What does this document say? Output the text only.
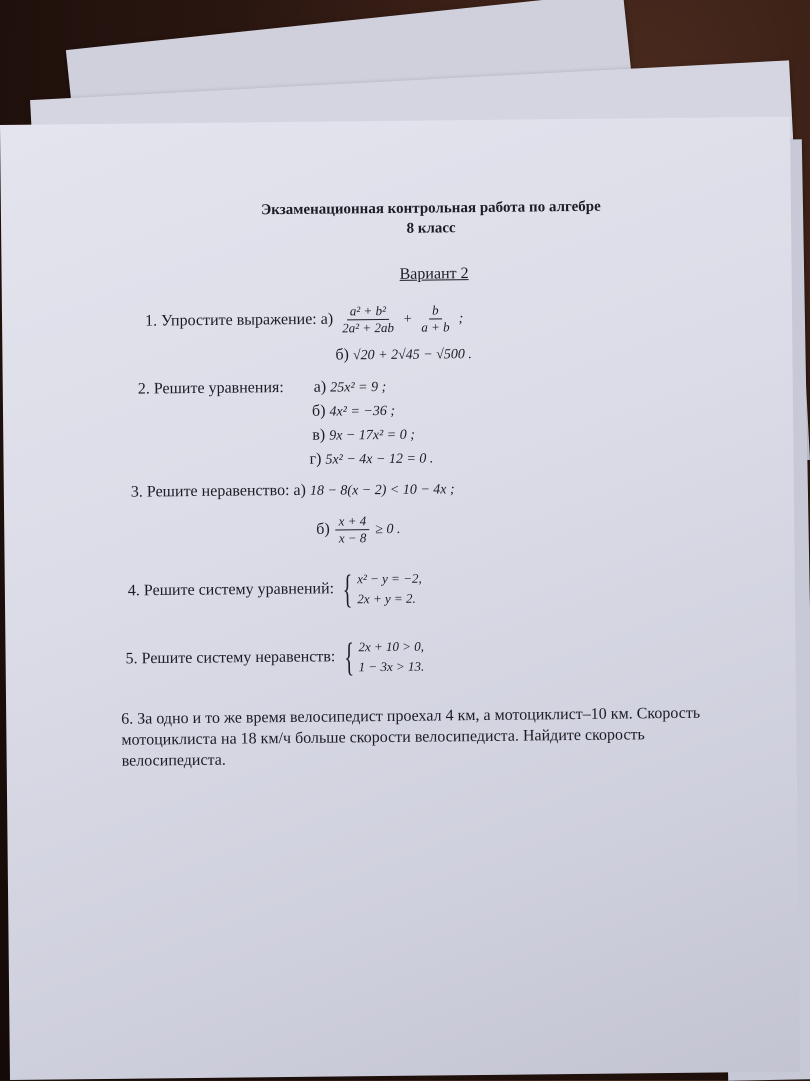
Экзаменационная контрольная работа по алгебре
8 класс
Вариант 2
1. Упростите выражение: $а) \frac{\text{a² + b²}}{\text{2a² + 2ab}} + \frac{b}{a + b}$ ;
б) √20 + 2√45 − √500 .
2. Решите уравнения: а) 25x² = 9 ;
б) 4x² = −36 ;
в) 9x − 17x² = 0 ;
г) 5x² − 4x − 12 = 0 .
3. Решите неравенство: а) 18 − 8(x − 2) < 10 − 4x ;
$б) \frac{x + 4}{x - 8} \ge 0$ .
4. Решите систему уравнений: { x² − y = −2,
2x + y = 2.
5. Решите систему неравенств: { 2x + 10 > 0,
1 − 3x > 13.
6. За одно и то же время велосипедист проехал 4 км, а мотоциклист–10 км. Скорость мотоциклиста на 18 км/ч больше скорости велосипедиста. Найдите скорость велосипедиста.
